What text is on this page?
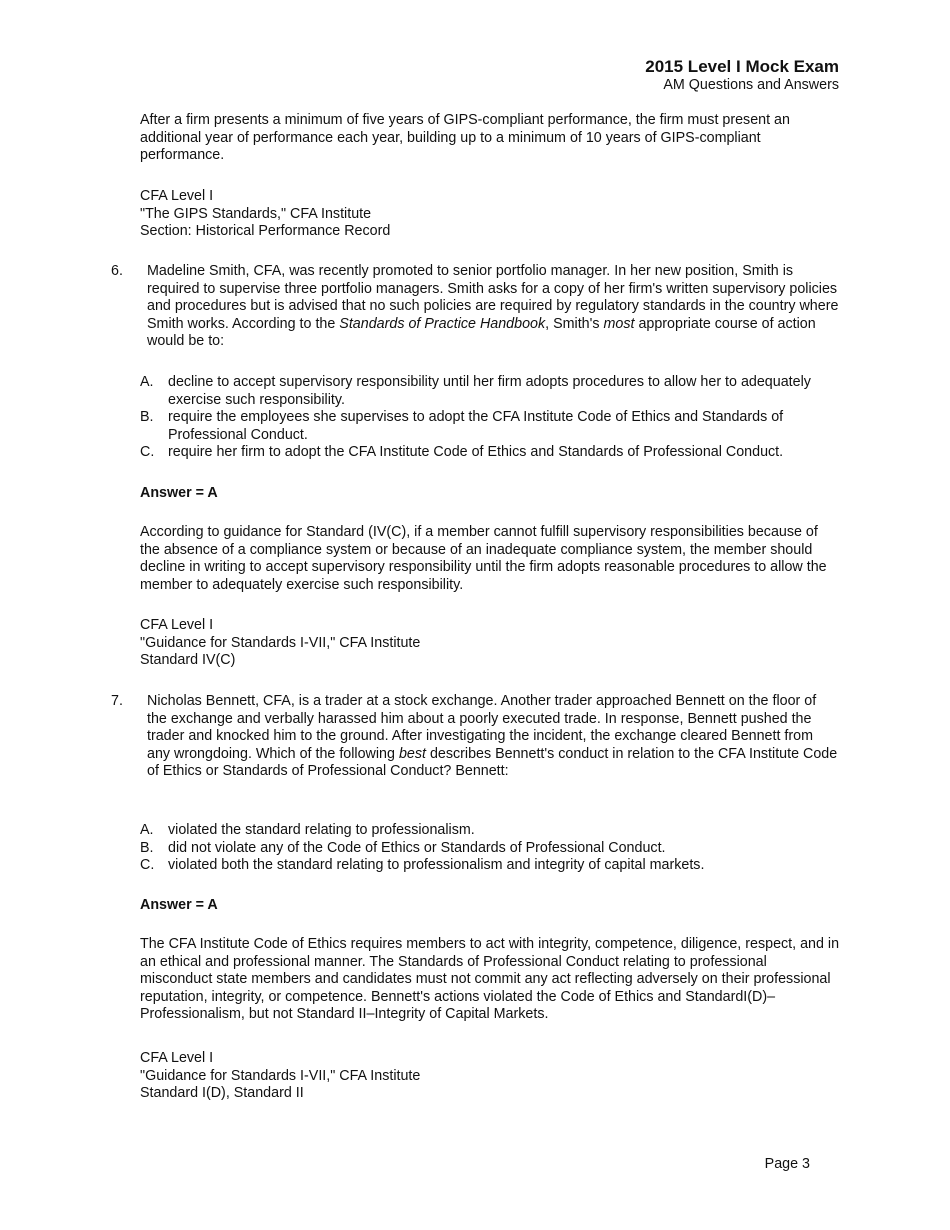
2015 Level I Mock Exam
AM Questions and Answers

After a firm presents a minimum of five years of GIPS-compliant performance, the firm must present an additional year of performance each year, building up to a minimum of 10 years of GIPS-compliant performance.

CFA Level I
"The GIPS Standards," CFA Institute
Section: Historical Performance Record
6.	Madeline Smith, CFA, was recently promoted to senior portfolio manager. In her new position, Smith is required to supervise three portfolio managers. Smith asks for a copy of her firm's written supervisory policies and procedures but is advised that no such policies are required by regulatory standards in the country where Smith works. According to the Standards of Practice Handbook, Smith's most appropriate course of action would be to:
A.	decline to accept supervisory responsibility until her firm adopts procedures to allow her to adequately exercise such responsibility.
B.	require the employees she supervises to adopt the CFA Institute Code of Ethics and Standards of Professional Conduct.
C. require her firm to adopt the CFA Institute Code of Ethics and Standards of Professional Conduct.
Answer = A

According to guidance for Standard (IV(C), if a member cannot fulfill supervisory responsibilities because of the absence of a compliance system or because of an inadequate compliance system, the member should decline in writing to accept supervisory responsibility until the firm adopts reasonable procedures to allow the member to adequately exercise such responsibility.

CFA Level I
"Guidance for Standards I-VII," CFA Institute
Standard IV(C)
7.	Nicholas Bennett, CFA, is a trader at a stock exchange. Another trader approached Bennett on the floor of the exchange and verbally harassed him about a poorly executed trade. In response, Bennett pushed the trader and knocked him to the ground. After investigating the incident, the exchange cleared Bennett from any wrongdoing. Which of the following best describes Bennett's conduct in relation to the CFA Institute Code of Ethics or Standards of Professional Conduct? Bennett:
A.	violated the standard relating to professionalism.
B.	did not violate any of the Code of Ethics or Standards of Professional Conduct.
C. violated both the standard relating to professionalism and integrity of capital markets.
Answer = A

The CFA Institute Code of Ethics requires members to act with integrity, competence, diligence, respect, and in an ethical and professional manner. The Standards of Professional Conduct relating to professional misconduct state members and candidates must not commit any act reflecting adversely on their professional reputation, integrity, or competence. Bennett's actions violated the Code of Ethics and StandardI(D)–Professionalism, but not Standard II–Integrity of Capital Markets.

CFA Level I
"Guidance for Standards I-VII," CFA Institute
Standard I(D), Standard II
Page 3
